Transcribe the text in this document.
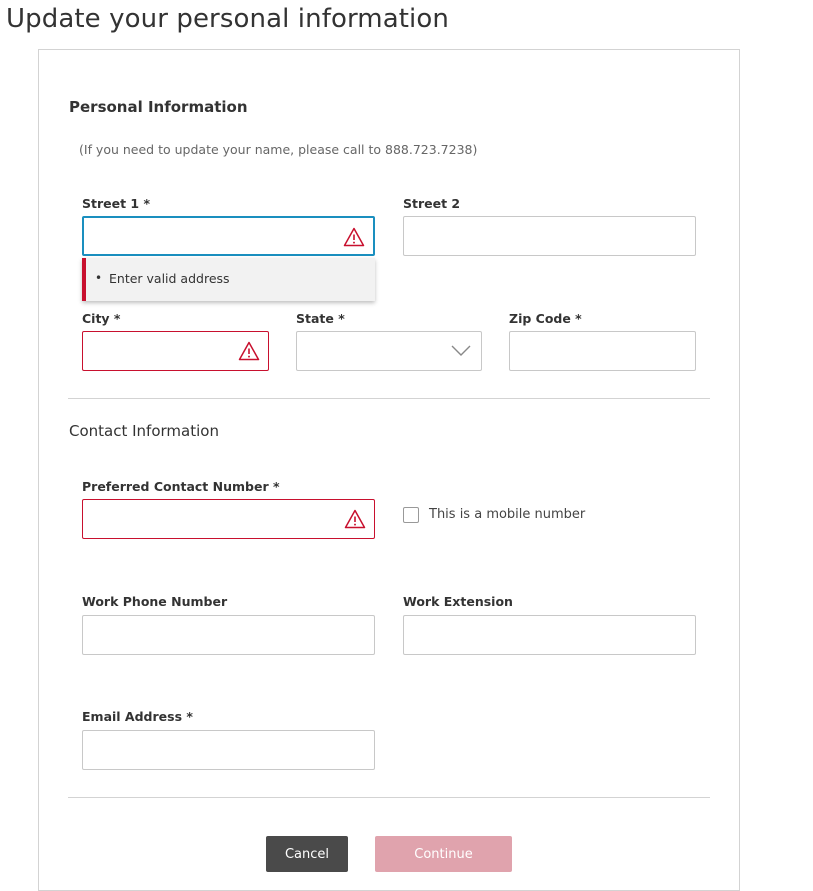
Update your personal information
Personal Information
(If you need to update your name, please call to 888.723.7238)
Street 1 *	Street 2
• Enter valid address
City *	State *	Zip Code *
Contact Information
Preferred Contact Number *
This is a mobile number
Work Phone Number	Work Extension
Email Address *
Cancel	Continue
